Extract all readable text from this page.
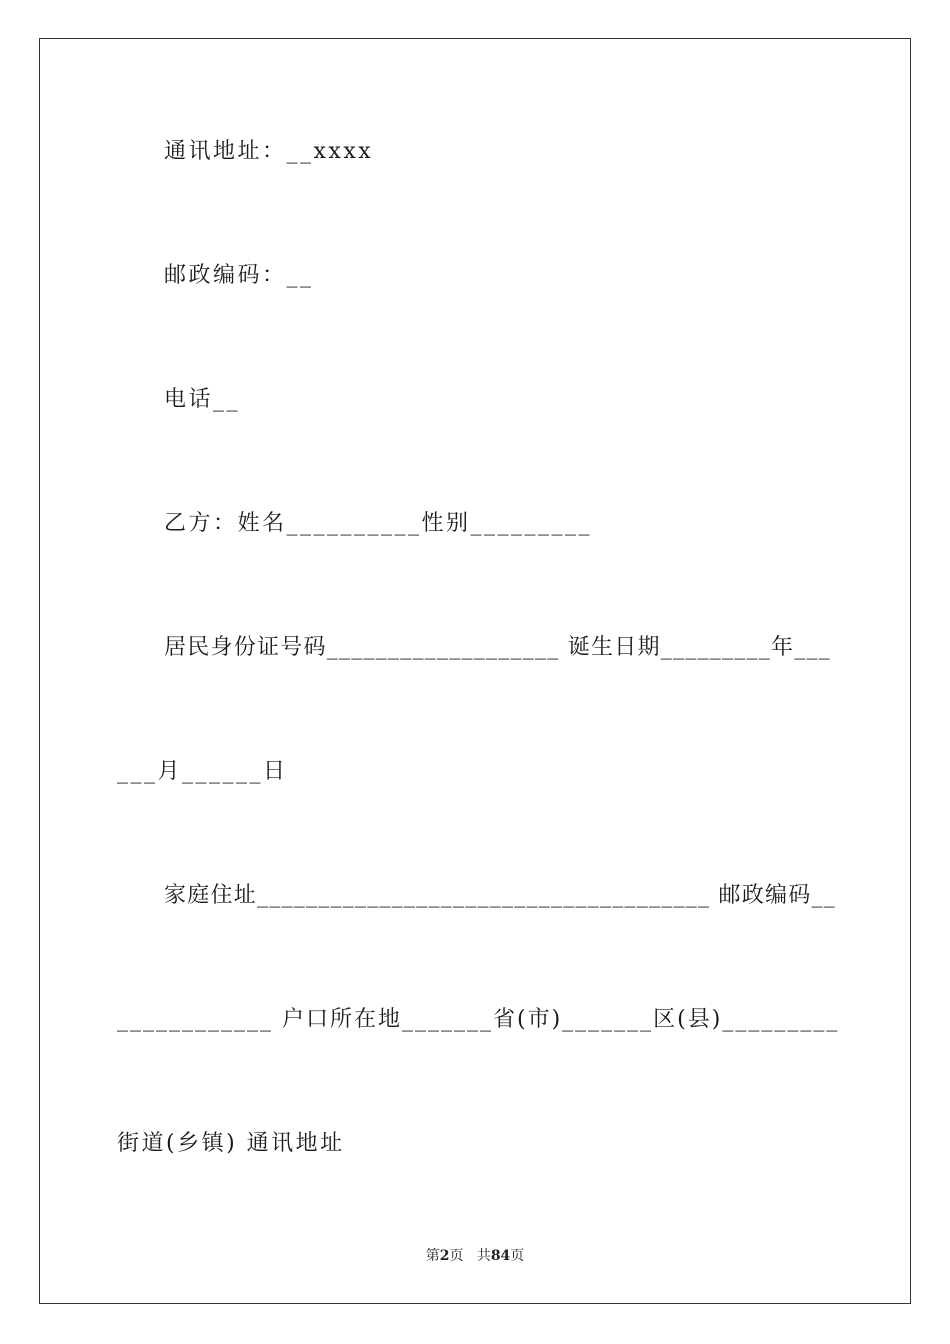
通讯地址：__xxxx

邮政编码：__

电话__

乙方：姓名__________性别_________

居民身份证号码___________________ 诞生日期_________年___

___月______日

家庭住址_____________________________________ 邮政编码__

____________ 户口所在地_______省(市)_______区(县)_________

街道(乡镇) 通讯地址

第2页 共84页
